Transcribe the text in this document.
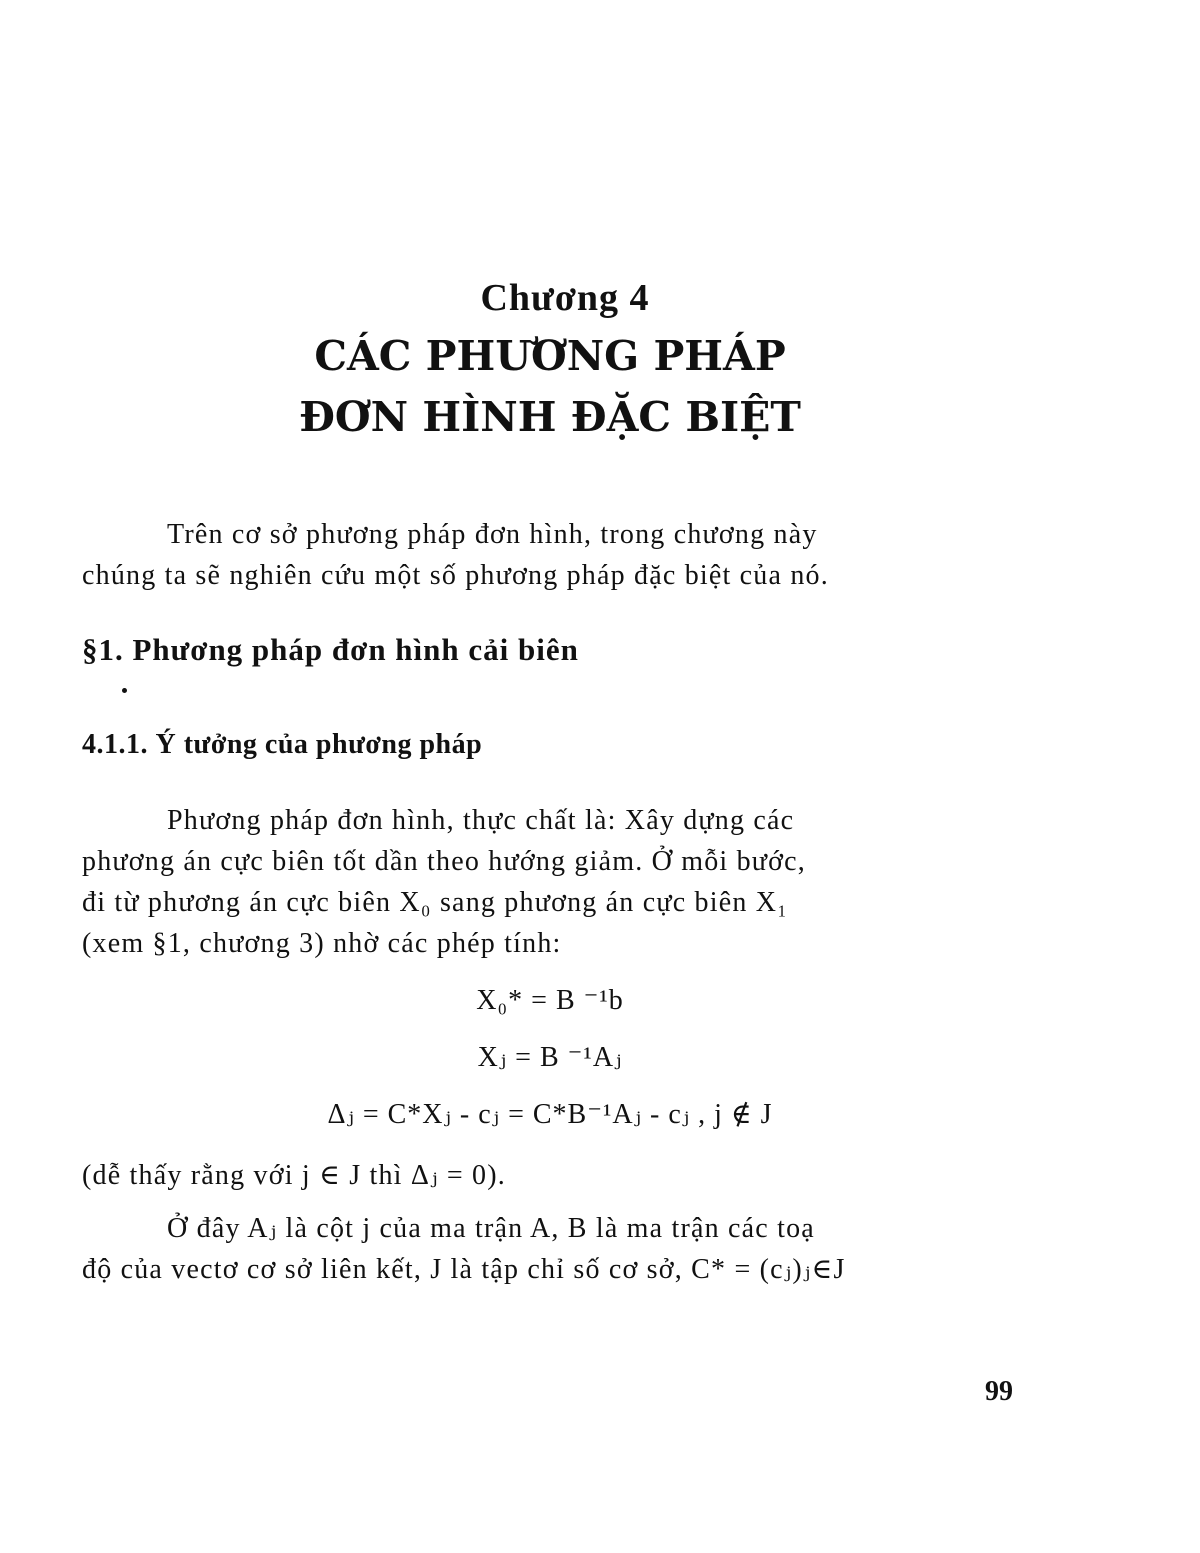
Chương 4
CÁC PHƯƠNG PHÁP
ĐƠN HÌNH ĐẶC BIỆT
Trên cơ sở phương pháp đơn hình, trong chương này
chúng ta sẽ nghiên cứu một số phương pháp đặc biệt của nó.
§1. Phương pháp đơn hình cải biên
4.1.1. Ý tưởng của phương pháp
Phương pháp đơn hình, thực chất là: Xây dựng các
phương án cực biên tốt dần theo hướng giảm. Ở mỗi bước,
đi từ phương án cực biên X₀ sang phương án cực biên X₁
(xem §1, chương 3) nhờ các phép tính:
X₀* = B ⁻¹b
Xⱼ = B ⁻¹Aⱼ
Δⱼ = C*Xⱼ - cⱼ = C*B⁻¹Aⱼ - cⱼ , j ∉ J
(dễ thấy rằng với j ∈ J thì Δⱼ = 0).
Ở đây Aⱼ là cột j của ma trận A, B là ma trận các toạ
độ của vectơ cơ sở liên kết, J là tập chỉ số cơ sở, C* = (cⱼ)ⱼ∈J
99
